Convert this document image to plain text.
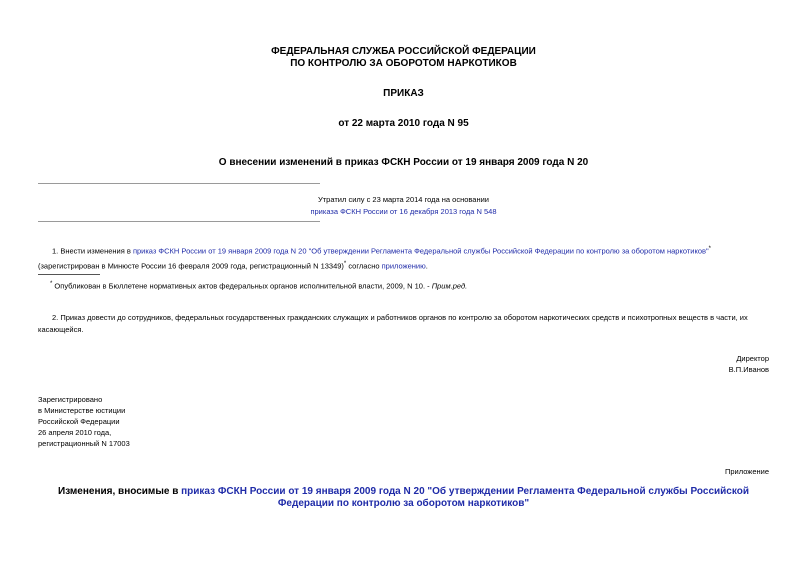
ФЕДЕРАЛЬНАЯ СЛУЖБА РОССИЙСКОЙ ФЕДЕРАЦИИ
ПО КОНТРОЛЮ ЗА ОБОРОТОМ НАРКОТИКОВ
ПРИКАЗ
от 22 марта 2010 года N 95
О внесении изменений в приказ ФСКН России от 19 января 2009 года N 20
Утратил силу с 23 марта 2014 года на основании
приказа ФСКН России от 16 декабря 2013 года N 548
1. Внести изменения в приказ ФСКН России от 19 января 2009 года N 20 "Об утверждении Регламента Федеральной службы Российской Федерации по контролю за оборотом наркотиков"*(зарегистрирован в Минюсте России 16 февраля 2009 года, регистрационный N 13349)* согласно приложению.
* Опубликован в Бюллетене нормативных актов федеральных органов исполнительной власти, 2009, N 10. - Прим.ред.
2. Приказ довести до сотрудников, федеральных государственных гражданских служащих и работников органов по контролю за оборотом наркотических средств и психотропных веществ в части, их касающейся.
Директор
В.П.Иванов
Зарегистрировано
в Министерстве юстиции
Российской Федерации
26 апреля 2010 года,
регистрационный N 17003
Приложение
Изменения, вносимые в приказ ФСКН России от 19 января 2009 года N 20 "Об утверждении Регламента Федеральной службы Российской Федерации по контролю за оборотом наркотиков"
